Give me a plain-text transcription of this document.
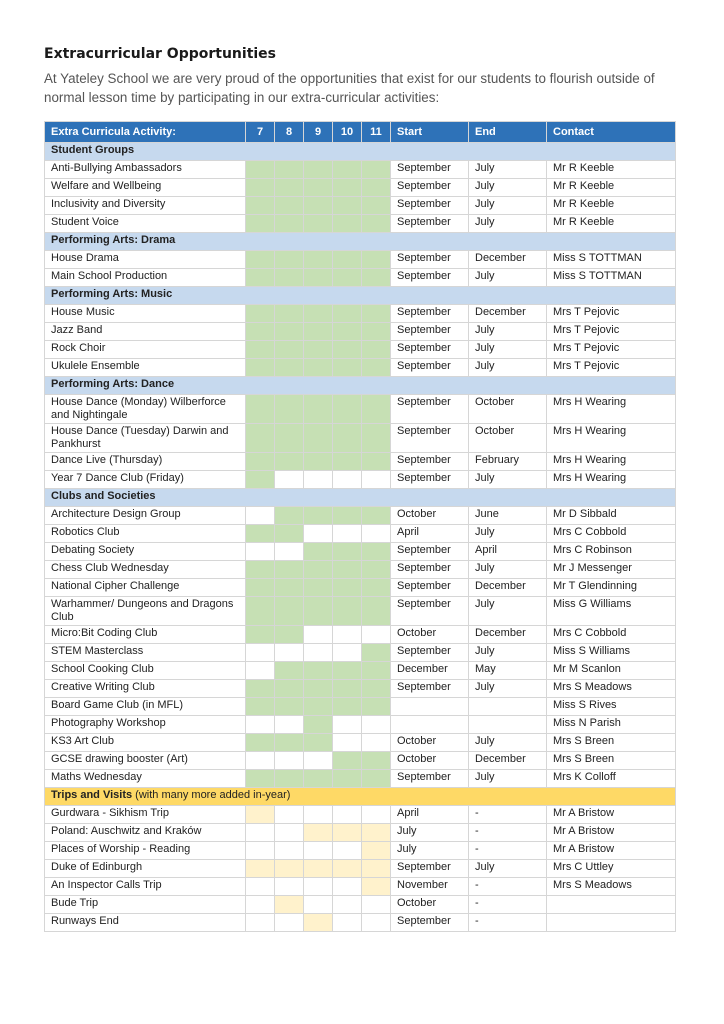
Extracurricular Opportunities
At Yateley School we are very proud of the opportunities that exist for our students to flourish outside of normal lesson time by participating in our extra-curricular activities:
Extra Curricula Activity:	7	8	9	10	11	Start	End	Contact
Student Groups								
Anti-Bullying Ambassadors						September	July	Mr R Keeble
Welfare and Wellbeing						September	July	Mr R Keeble
Inclusivity and Diversity						September	July	Mr R Keeble
Student Voice						September	July	Mr R Keeble
Performing Arts: Drama								
House Drama						September	December	Miss S TOTTMAN
Main School Production						September	July	Miss S TOTTMAN
Performing Arts: Music								
House Music						September	December	Mrs T Pejovic
Jazz Band						September	July	Mrs T Pejovic
Rock Choir						September	July	Mrs T Pejovic
Ukulele Ensemble						September	July	Mrs T Pejovic
Performing Arts: Dance								
House Dance (Monday) Wilberforce and Nightingale						September	October	Mrs H Wearing
House Dance (Tuesday) Darwin and Pankhurst						September	October	Mrs H Wearing
Dance Live (Thursday)						September	February	Mrs H Wearing
Year 7 Dance Club (Friday)						September	July	Mrs H Wearing
Clubs and Societies								
Architecture Design Group						October	June	Mr D Sibbald
Robotics Club						April	July	Mrs C Cobbold
Debating Society						September	April	Mrs C Robinson
Chess Club Wednesday						September	July	Mr J Messenger
National Cipher Challenge						September	December	Mr T Glendinning
Warhammer/ Dungeons and Dragons Club						September	July	Miss G Williams
Micro:Bit Coding Club						October	December	Mrs C Cobbold
STEM Masterclass						September	July	Miss S Williams
School Cooking Club						December	May	Mr M Scanlon
Creative Writing Club						September	July	Mrs S Meadows
Board Game Club (in MFL)								Miss S Rives
Photography Workshop								Miss N Parish
KS3 Art Club						October	July	Mrs S Breen
GCSE drawing booster (Art)						October	December	Mrs S Breen
Maths Wednesday						September	July	Mrs K Colloff
Trips and Visits (with many more added in-year)								
Gurdwara - Sikhism Trip						April	-	Mr A Bristow
Poland: Auschwitz and Kraków						July	-	Mr A Bristow
Places of Worship - Reading						July	-	Mr A Bristow
Duke of Edinburgh						September	July	Mrs C Uttley
An Inspector Calls Trip						November	-	Mrs S Meadows
Bude Trip						October	-	
Runways End						September	-	
